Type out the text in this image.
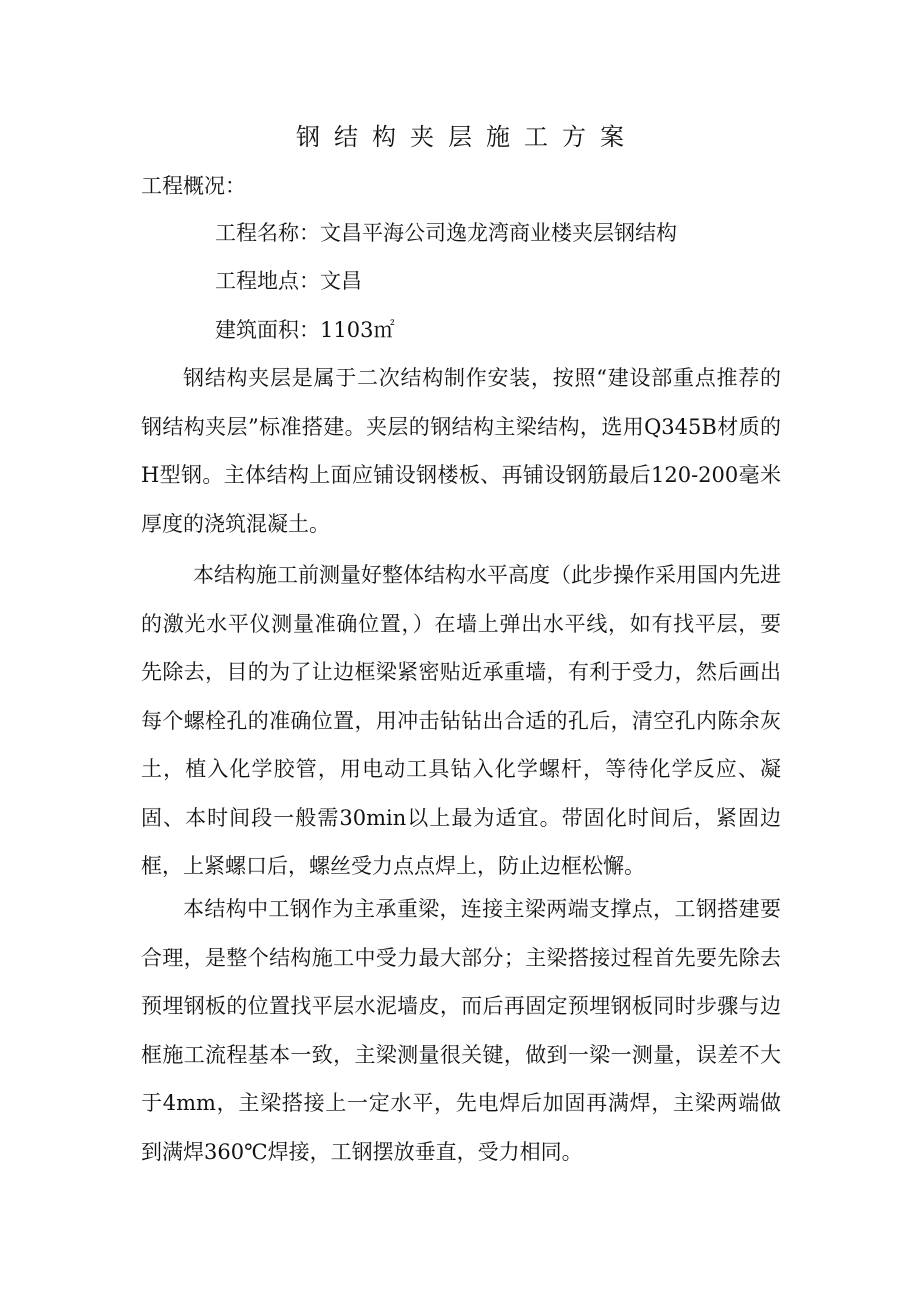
钢结构夹层施工方案
工程概况：
工程名称：文昌平海公司逸龙湾商业楼夹层钢结构
工程地点：文昌
建筑面积：1103㎡

钢结构夹层是属于二次结构制作安装，按照“建设部重点推荐的钢结构夹层”标准搭建。夹层的钢结构主梁结构，选用Q345B材质的H型钢。主体结构上面应铺设钢楼板、再铺设钢筋最后120-200毫米厚度的浇筑混凝土。

本结构施工前测量好整体结构水平高度（此步操作采用国内先进的激光水平仪测量准确位置，）在墙上弹出水平线，如有找平层，要先除去，目的为了让边框梁紧密贴近承重墙，有利于受力，然后画出每个螺栓孔的准确位置，用冲击钻钻出合适的孔后，清空孔内陈余灰土，植入化学胶管，用电动工具钻入化学螺杆，等待化学反应、凝固、本时间段一般需30min以上最为适宜。带固化时间后，紧固边框，上紧螺口后，螺丝受力点点焊上，防止边框松懈。

本结构中工钢作为主承重梁，连接主梁两端支撑点，工钢搭建要合理，是整个结构施工中受力最大部分；主梁搭接过程首先要先除去预埋钢板的位置找平层水泥墙皮，而后再固定预埋钢板同时步骤与边框施工流程基本一致，主梁测量很关键，做到一梁一测量，误差不大于4mm，主梁搭接上一定水平，先电焊后加固再满焊，主梁两端做到满焊360℃焊接，工钢摆放垂直，受力相同。
